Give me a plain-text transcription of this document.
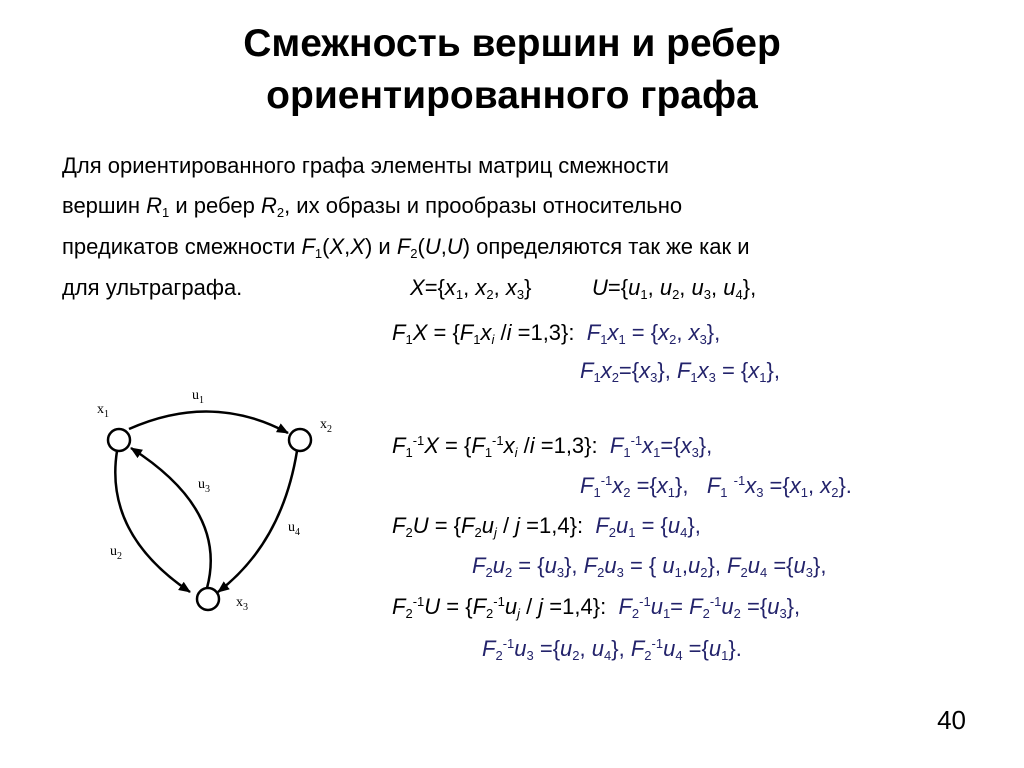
Смежность вершин и ребер
ориентированного графа
Для ориентированного графа элементы матриц смежности
вершин $R_1$ и ребер $R_2$, их образы и прообразы относительно
предикатов смежности $F_1(X,X)$ и $F_2(U,U)$ определяются так же как и
для ультраграфа.	$X=\{x_1$, $x_2$, $x_3$}	$U=\{u_1$, $u_2$, $u_3$, $u_4$},
$F_1X = \{F_1x_i$ /i =1,3}:  $F_1x_1 = \{x_2$, $x_3$},
$F_1x_2=\{x_3\}$, $F_1x_3 = \{x_1\}$,
$F_1^{-1}X = \{F_1^{-1}x_i$ /i =1,3}:  $F_1^{-1}x_1=\{x_3\}$,
$F_1^{-1}x_2 =\{x_1\}$,   $F_1$ $^{-1}x_3 =\{x_1$, $x_2$}.
$F_2U = \{F_2u_j / j =1,4\}$:  $F_2u_1 = \{u_4\}$,
$F_2u_2 = \{u_3\}$, $F_2u_3$ = { $u_1,u_2$}, $F_2u_4 =\{u_3\}$,
$F_2^{-1}U = \{F_2^{-1}u_j / j =1,4\}$:  $F_2^{-1}u_1= F_2^{-1}u_2 =\{u_3\}$,
$F_2^{-1}u_3 =\{u_2$, $u_4$}, $F_2^{-1}u_4 =\{u_1\}$.
$x_1$
$x_2$
$x_3$
$u_1$
$u_2$
$u_3$
$u_4$
40
